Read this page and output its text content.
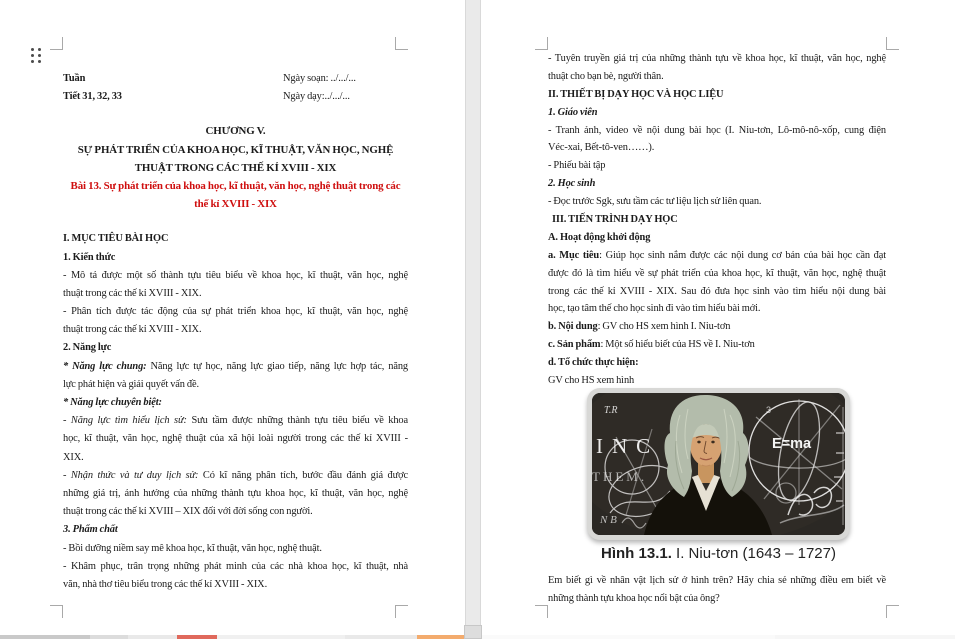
Tuần	Ngày soạn: ../.../...
Tiết 31, 32, 33	Ngày dạy:../.../...
CHƯƠNG V.
SỰ PHÁT TRIỂN CỦA KHOA HỌC, KĨ THUẬT, VĂN HỌC, NGHỆ
THUẬT TRONG CÁC THẾ KỈ XVIII - XIX
Bài 13. Sự phát triển của khoa học, kĩ thuật, văn học, nghệ thuật trong các
thế kỉ XVIII - XIX
I. MỤC TIÊU BÀI HỌC
1. Kiến thức
- Mô tả được một số thành tựu tiêu biểu về khoa học, kĩ thuật, văn học, nghệ
thuật trong các thế kỉ XVIII - XIX.
- Phân tích được tác động của sự phát triển khoa học, kĩ thuật, văn học, nghệ
thuật trong các thế kỉ XVIII - XIX.
2. Năng lực
* Năng lực chung: Năng lực tự học, năng lực giao tiếp, năng lực hợp tác, năng
lực phát hiện và giải quyết vấn đề.
* Năng lực chuyên biệt:
- Năng lực tìm hiểu lịch sử: Sưu tầm được những thành tựu tiêu biểu về khoa
học, kĩ thuật, văn học, nghệ thuật của xã hội loài người trong các thế kỉ XVIII -
XIX.
- Nhận thức và tư duy lịch sử: Có kĩ năng phân tích, bước đầu đánh giá được
những giá trị, ảnh hưởng của những thành tựu khoa học, kĩ thuật, văn học, nghệ
thuật trong các thế kỉ XVIII – XIX đối với đời sống con người.
3. Phẩm chất
- Bồi dưỡng niềm say mê khoa học, kĩ thuật, văn học, nghệ thuật.
- Khâm phục, trân trọng những phát minh của các nhà khoa học, kĩ thuật, nhà
văn, nhà thơ tiêu biểu trong các thế kỉ XVIII - XIX.
- Tuyên truyền giá trị của những thành tựu về khoa học, kĩ thuật, văn học, nghệ
thuật cho bạn bè, người thân.
II. THIẾT BỊ DẠY HỌC VÀ HỌC LIỆU
1. Giáo viên
- Tranh ảnh, video về nội dung bài học (I. Niu-tơn, Lô-mô-nô-xốp, cung điện
Véc-xai, Bết-tô-ven……).
- Phiếu bài tập
2. Học sinh
- Đọc trước Sgk, sưu tầm các tư liệu lịch sử liên quan.
III. TIẾN TRÌNH DẠY HỌC
A. Hoạt động khởi động
a. Mục tiêu: Giúp học sinh nắm được các nội dung cơ bản của bài học cần đạt
được đó là tìm hiểu về sự phát triển của khoa học, kĩ thuật, văn học, nghệ thuật
trong các thế kỉ XVIII - XIX. Sau đó đưa học sinh vào tìm hiểu nội dung bài
học, tạo tâm thế cho học sinh đi vào tìm hiểu bài mới.
b. Nội dung: GV cho HS xem hình I. Niu-tơn
c. Sản phẩm: Một số hiểu biết của HS về I. Niu-tơn
d. Tổ chức thực hiện:
GV cho HS xem hình
Em biết gì về nhân vật lịch sử ở hình trên? Hãy chia sẻ những điều em biết về
những thành tựu khoa học nổi bật của ông?
T.R
INC
THEM.
N B
3
E=ma
Hình 13.1. I. Niu-tơn (1643 – 1727)
